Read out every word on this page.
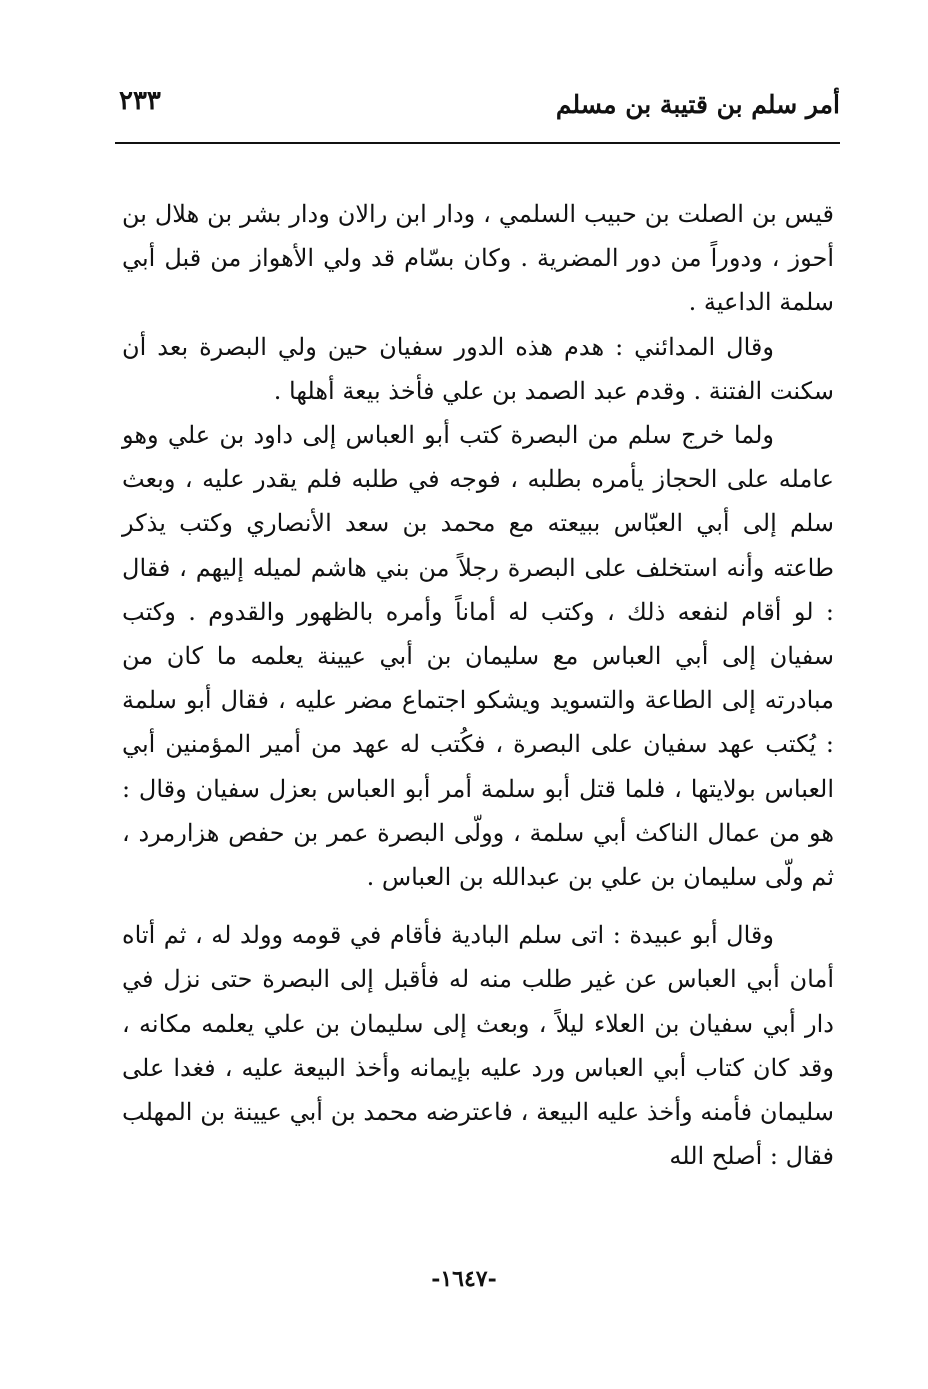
أمر سلم بن قتيبة بن مسلم
٢٣٣

قيس بن الصلت بن حبيب السلمي ، ودار ابن رالان ودار بشر بن هلال بن أحوز ، ودوراً من دور المضرية . وكان بسّام قد ولي الأهواز من قبل أبي سلمة الداعية .

وقال المدائني : هدم هذه الدور سفيان حين ولي البصرة بعد أن سكنت الفتنة . وقدم عبد الصمد بن علي فأخذ بيعة أهلها .

ولما خرج سلم من البصرة كتب أبو العباس إلى داود بن علي وهو عامله على الحجاز يأمره بطلبه ، فوجه في طلبه فلم يقدر عليه ، وبعث سلم إلى أبي العبّاس ببيعته مع محمد بن سعد الأنصاري وكتب يذكر طاعته وأنه استخلف على البصرة رجلاً من بني هاشم لميله إليهم ، فقال : لو أقام لنفعه ذلك ، وكتب له أماناً وأمره بالظهور والقدوم . وكتب سفيان إلى أبي العباس مع سليمان بن أبي عيينة يعلمه ما كان من مبادرته إلى الطاعة والتسويد ويشكو اجتماع مضر عليه ، فقال أبو سلمة : يُكتب عهد سفيان على البصرة ، فكُتب له عهد من أمير المؤمنين أبي العباس بولايتها ، فلما قتل أبو سلمة أمر أبو العباس بعزل سفيان وقال : هو من عمال الناكث أبي سلمة ، وولّى البصرة عمر بن حفص هزارمرد ، ثم ولّى سليمان بن علي بن عبدالله بن العباس .

وقال أبو عبيدة : اتى سلم البادية فأقام في قومه وولد له ، ثم أتاه أمان أبي العباس عن غير طلب منه له فأقبل إلى البصرة حتى نزل في دار أبي سفيان بن العلاء ليلاً ، وبعث إلى سليمان بن علي يعلمه مكانه ، وقد كان كتاب أبي العباس ورد عليه بإيمانه وأخذ البيعة عليه ، فغدا على سليمان فأمنه وأخذ عليه البيعة ، فاعترضه محمد بن أبي عيينة بن المهلب فقال : أصلح الله

-١٦٤٧-
